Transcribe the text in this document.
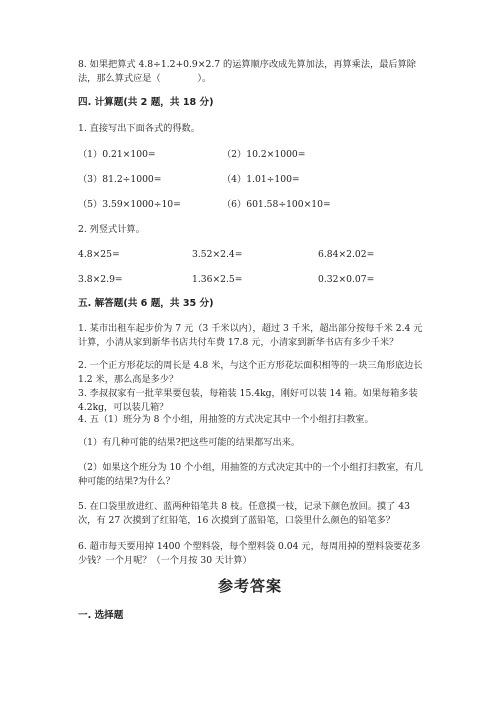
8. 如果把算式 4.8÷1.2+0.9×2.7 的运算顺序改成先算加法，再算乘法，最后算除法，那么算式应是（　　　　）。

四. 计算题(共 2 题，共 18 分)

1. 直接写出下面各式的得数。

（1）0.21×100=	（2）10.2×1000=
（3）81.2÷1000=	（4）1.01÷100=
（5）3.59×1000÷10=	（6）601.58÷100×10=

2. 列竖式计算。

4.8×25=	3.52×2.4=	6.84×2.02=
3.8×2.9=	1.36×2.5=	0.32×0.07=

五. 解答题(共 6 题，共 35 分)

1. 某市出租车起步价为 7 元（3 千米以内），超过 3 千米，超出部分按每千米 2.4 元计算，小清从家到新华书店共付车费 17.8 元，小清家到新华书店有多少千米？

2. 一个正方形花坛的周长是 4.8 米，与这个正方形花坛面积相等的一块三角形底边长 1.2 米，那么高是多少？

3. 李叔叔家有一批苹果要包装，每箱装 15.4kg，刚好可以装 14 箱。如果每箱多装 4.2kg，可以装几箱？

4. 五（1）班分为 8 个小组，用抽签的方式决定其中一个小组打扫教室。

（1）有几种可能的结果?把这些可能的结果都写出来。

（2）如果这个班分为 10 个小组，用抽签的方式决定其中的一个小组打扫教室，有几种可能的结果?为什么？

5. 在口袋里放进红、蓝两种铅笔共 8 枝。任意摸一枝，记录下颜色放回。摸了 43 次，有 27 次摸到了红铅笔，16 次摸到了蓝铅笔，口袋里什么颜色的铅笔多？

6. 超市每天要用掉 1400 个塑料袋，每个塑料袋 0.04 元，每周用掉的塑料袋要花多少钱？一个月呢？（一个月按 30 天计算）

参考答案

一. 选择题
